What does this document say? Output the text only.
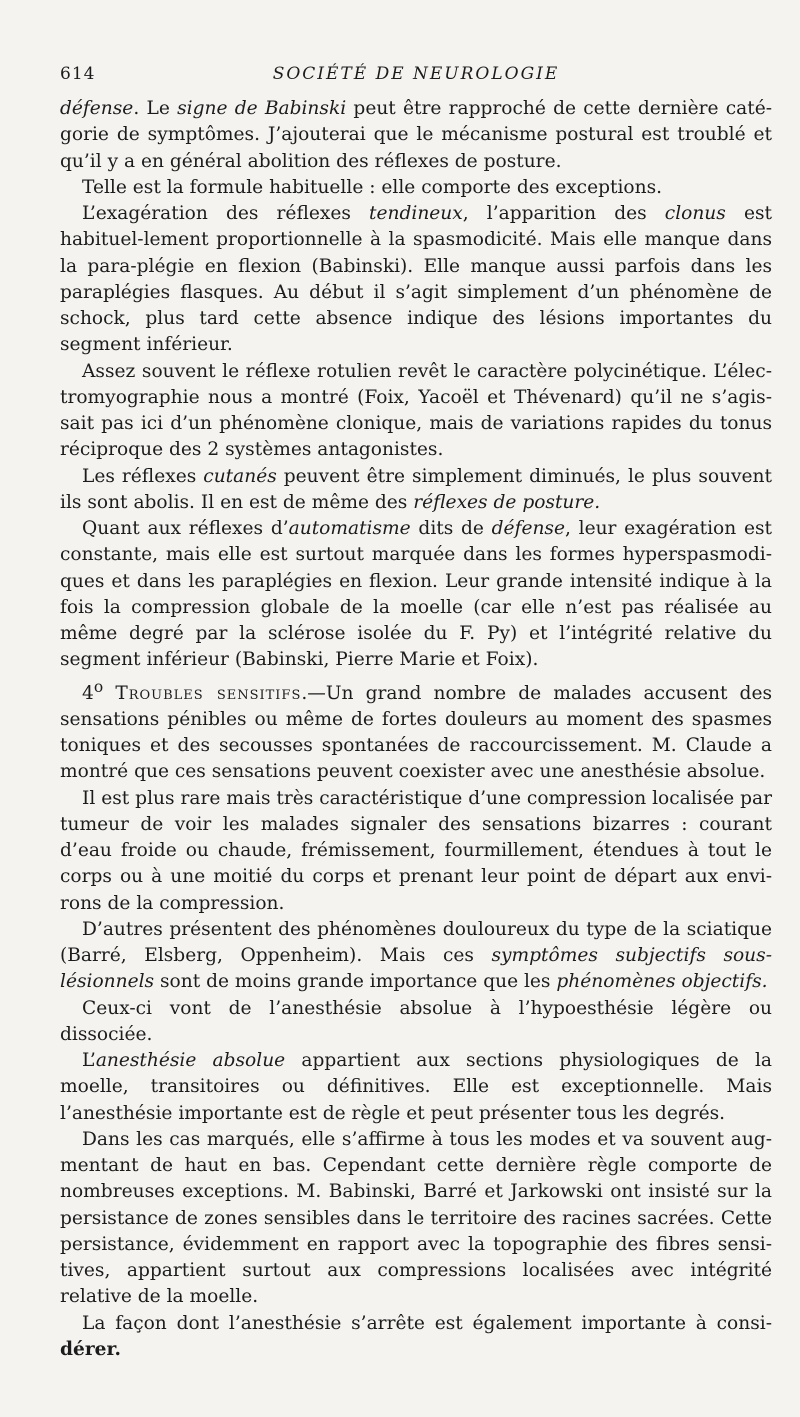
614	SOCIÉTÉ DE NEUROLOGIE

défense. Le signe de Babinski peut être rapproché de cette dernière caté-gorie de symptômes. J’ajouterai que le mécanisme postural est troublé et qu’il y a en général abolition des réflexes de posture.

Telle est la formule habituelle : elle comporte des exceptions.

L’exagération des réflexes tendineux, l’apparition des clonus est habituel-lement proportionnelle à la spasmodicité. Mais elle manque dans la para-plégie en flexion (Babinski). Elle manque aussi parfois dans les paraplégies flasques. Au début il s’agit simplement d’un phénomène de schock, plus tard cette absence indique des lésions importantes du segment inférieur.

Assez souvent le réflexe rotulien revêt le caractère polycinétique. L’élec-tromyographie nous a montré (Foix, Yacoël et Thévenard) qu’il ne s’agis-sait pas ici d’un phénomène clonique, mais de variations rapides du tonus réciproque des 2 systèmes antagonistes.

Les réflexes cutanés peuvent être simplement diminués, le plus souvent ils sont abolis. Il en est de même des réflexes de posture.

Quant aux réflexes d’automatisme dits de défense, leur exagération est constante, mais elle est surtout marquée dans les formes hyperspasmodi-ques et dans les paraplégies en flexion. Leur grande intensité indique à la fois la compression globale de la moelle (car elle n’est pas réalisée au même degré par la sclérose isolée du F. Py) et l’intégrité relative du segment inférieur (Babinski, Pierre Marie et Foix).

4$^o$ Troubles sensitifs.—Un grand nombre de malades accusent des sensations pénibles ou même de fortes douleurs au moment des spasmes toniques et des secousses spontanées de raccourcissement. M. Claude a montré que ces sensations peuvent coexister avec une anesthésie absolue.

Il est plus rare mais très caractéristique d’une compression localisée par tumeur de voir les malades signaler des sensations bizarres : courant d’eau froide ou chaude, frémissement, fourmillement, étendues à tout le corps ou à une moitié du corps et prenant leur point de départ aux envi-rons de la compression.

D’autres présentent des phénomènes douloureux du type de la sciatique (Barré, Elsberg, Oppenheim). Mais ces symptômes subjectifs sous-lésionnels sont de moins grande importance que les phénomènes objectifs.

Ceux-ci vont de l’anesthésie absolue à l’hypoesthésie légère ou dissociée.

L’anesthésie absolue appartient aux sections physiologiques de la moelle, transitoires ou définitives. Elle est exceptionnelle. Mais l’anesthésie importante est de règle et peut présenter tous les degrés.

Dans les cas marqués, elle s’affirme à tous les modes et va souvent aug-mentant de haut en bas. Cependant cette dernière règle comporte de nombreuses exceptions. M. Babinski, Barré et Jarkowski ont insisté sur la persistance de zones sensibles dans le territoire des racines sacrées. Cette persistance, évidemment en rapport avec la topographie des fibres sensi-tives, appartient surtout aux compressions localisées avec intégrité relative de la moelle.

La façon dont l’anesthésie s’arrête est également importante à consi-dérer.
